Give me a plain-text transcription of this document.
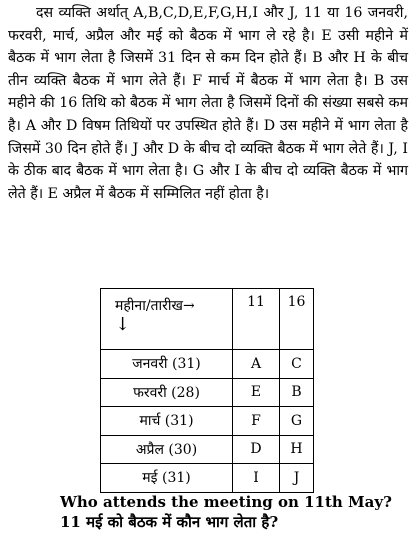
दस व्यक्ति अर्थात् A,B,C,D,E,F,G,H,I और J, 11 या 16 जनवरी, फरवरी, मार्च, अप्रैल और मई को बैठक में भाग ले रहे है। E उसी महीने में बैठक में भाग लेता है जिसमें 31 दिन से कम दिन होते हैं। B और H के बीच तीन व्यक्ति बैठक में भाग लेते हैं। F मार्च में बैठक में भाग लेता है। B उस महीने की 16 तिथि को बैठक में भाग लेता है जिसमें दिनों की संख्या सबसे कम है। A और D विषम तिथियों पर उपस्थित होते हैं। D उस महीने में भाग लेता है जिसमें 30 दिन होते हैं। J और D के बीच दो व्यक्ति बैठक में भाग लेते हैं। J, I के ठीक बाद बैठक में भाग लेता है। G और I के बीच दो व्यक्ति बैठक में भाग लेते हैं। E अप्रैल में बैठक में सम्मिलित नहीं होता है।

महीना/तारीख→
↓	11	16
जनवरी (31)	A	C
फरवरी (28)	E	B
मार्च (31)	F	G
अप्रैल (30)	D	H
मई (31)	I	J

Who attends the meeting on 11th May?

11 मई को बैठक में कौन भाग लेता है?
